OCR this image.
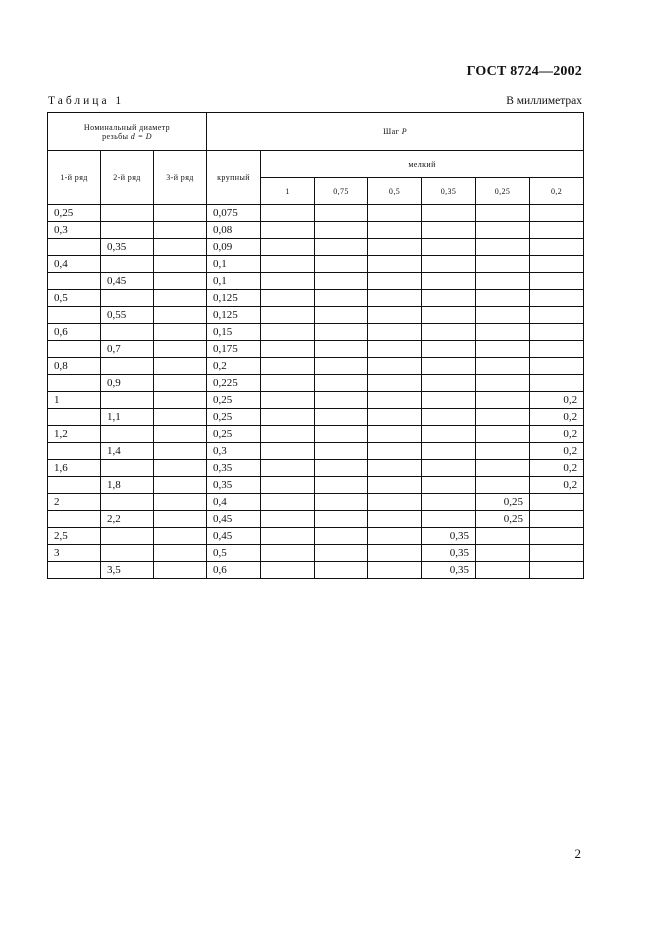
ГОСТ 8724—2002
Таблица 1	В миллиметрах
Номинальный диаметр
резьбы d = D			Шаг P						
1-й ряд	2-й ряд	3-й ряд	крупный	мелкий					
				1	0,75	0,5	0,35	0,25	0,2
0,25			0,075						
0,3			0,08						
	0,35		0,09						
0,4			0,1						
	0,45		0,1						
0,5			0,125						
	0,55		0,125						
0,6			0,15						
	0,7		0,175						
0,8			0,2						
	0,9		0,225						
1			0,25						0,2
	1,1		0,25						0,2
1,2			0,25						0,2
	1,4		0,3						0,2
1,6			0,35						0,2
	1,8		0,35						0,2
2			0,4					0,25	
	2,2		0,45					0,25	
2,5			0,45				0,35		
3			0,5				0,35		
	3,5		0,6				0,35		
2
